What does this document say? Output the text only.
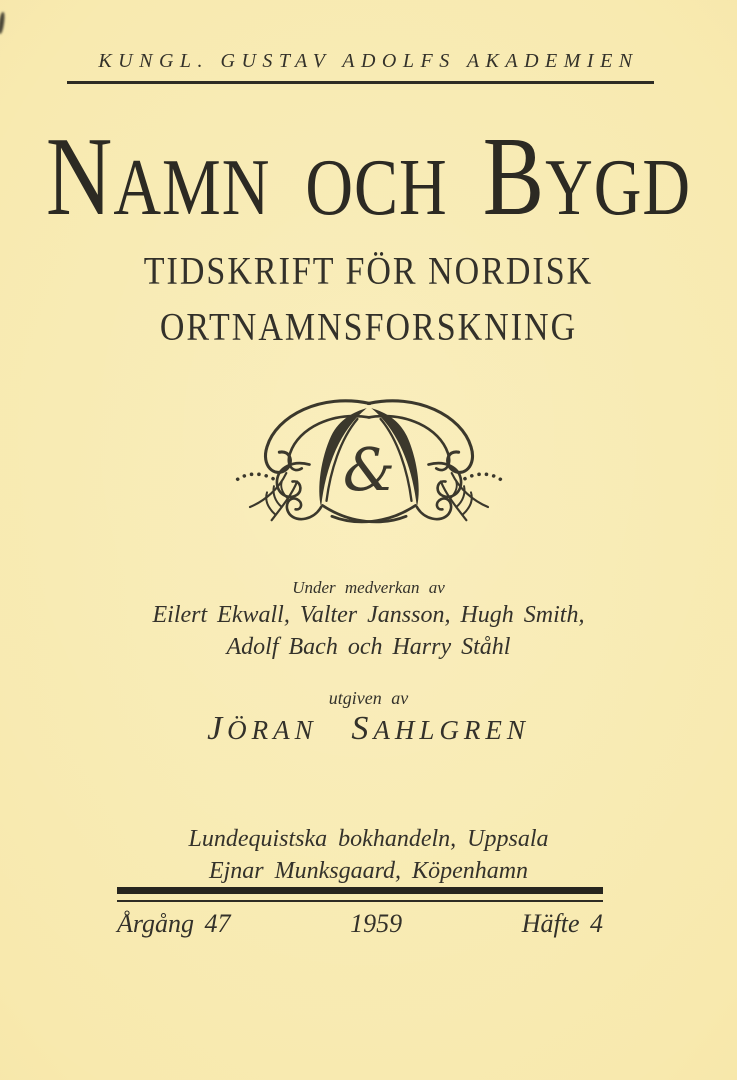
KUNGL. GUSTAV ADOLFS AKADEMIEN
NAMN OCH BYGD
TIDSKRIFT FÖR NORDISK
ORTNAMNSFORSKNING
&
Under medverkan av
Eilert Ekwall, Valter Jansson, Hugh Smith,
Adolf Bach och Harry Ståhl
utgiven av
JÖRAN SAHLGREN
Lundequistska bokhandeln, Uppsala
Ejnar Munksgaard, Köpenhamn
Årgång 47	1959	Häfte 4
